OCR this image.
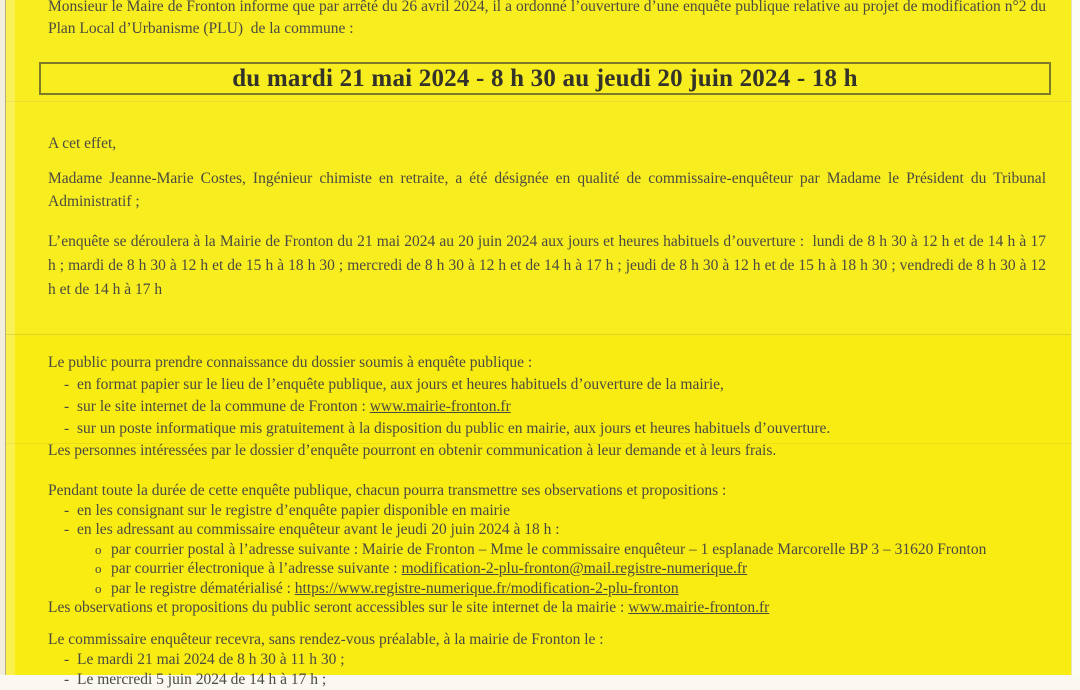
Monsieur le Maire de Fronton informe que par arrêté du 26 avril 2024, il a ordonné l’ouverture d’une enquête publique relative au projet de modification n°2 du Plan Local d’Urbanisme (PLU)  de la commune :

du mardi 21 mai 2024 - 8 h 30 au jeudi 20 juin 2024 - 18 h

A cet effet,

Madame Jeanne-Marie Costes, Ingénieur chimiste en retraite, a été désignée en qualité de commissaire-enquêteur par Madame le Président du Tribunal Administratif ;

L’enquête se déroulera à la Mairie de Fronton du 21 mai 2024 au 20 juin 2024 aux jours et heures habituels d’ouverture :  lundi de 8 h 30 à 12 h et de 14 h à 17 h ; mardi de 8 h 30 à 12 h et de 15 h à 18 h 30 ; mercredi de 8 h 30 à 12 h et de 14 h à 17 h ; jeudi de 8 h 30 à 12 h et de 15 h à 18 h 30 ; vendredi de 8 h 30 à 12 h et de 14 h à 17 h

Le public pourra prendre connaissance du dossier soumis à enquête publique :
- en format papier sur le lieu de l’enquête publique, aux jours et heures habituels d’ouverture de la mairie,
- sur le site internet de la commune de Fronton : www.mairie-fronton.fr
- sur un poste informatique mis gratuitement à la disposition du public en mairie, aux jours et heures habituels d’ouverture.
Les personnes intéressées par le dossier d’enquête pourront en obtenir communication à leur demande et à leurs frais.
Pendant toute la durée de cette enquête publique, chacun pourra transmettre ses observations et propositions :
- en les consignant sur le registre d’enquête papier disponible en mairie
- en les adressant au commissaire enquêteur avant le jeudi 20 juin 2024 à 18 h :
o par courrier postal à l’adresse suivante : Mairie de Fronton – Mme le commissaire enquêteur – 1 esplanade Marcorelle BP 3 – 31620 Fronton
o par courrier électronique à l’adresse suivante : modification-2-plu-fronton@mail.registre-numerique.fr
o par le registre dématérialisé : https://www.registre-numerique.fr/modification-2-plu-fronton
Les observations et propositions du public seront accessibles sur le site internet de la mairie : www.mairie-fronton.fr
Le commissaire enquêteur recevra, sans rendez-vous préalable, à la mairie de Fronton le :
- Le mardi 21 mai 2024 de 8 h 30 à 11 h 30 ;
- Le mercredi 5 juin 2024 de 14 h à 17 h ;
